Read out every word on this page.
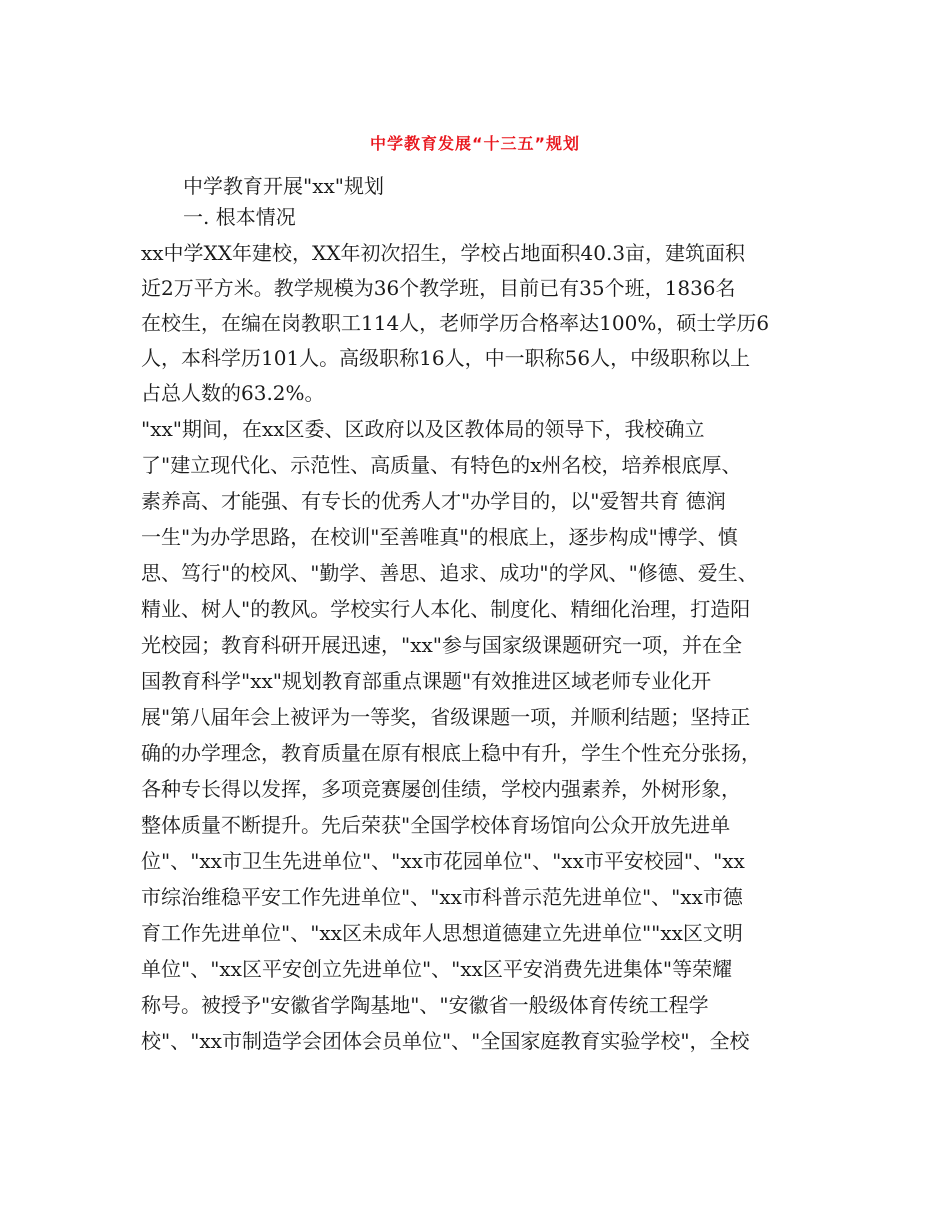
中学教育发展“十三五”规划
中学教育开展"xx"规划
一. 根本情况
xx中学XX年建校，XX年初次招生，学校占地面积40.3亩，建筑面积
近2万平方米。教学规模为36个教学班，目前已有35个班，1836名
在校生，在编在岗教职工114人，老师学历合格率达100%，硕士学历6
人，本科学历101人。高级职称16人，中一职称56人，中级职称以上
占总人数的63.2%。
"xx"期间，在xx区委、区政府以及区教体局的领导下，我校确立
了"建立现代化、示范性、高质量、有特色的x州名校，培养根底厚、
素养高、才能强、有专长的优秀人才"办学目的，以"爱智共育 德润
一生"为办学思路，在校训"至善唯真"的根底上，逐步构成"博学、慎
思、笃行"的校风、"勤学、善思、追求、成功"的学风、"修德、爱生、
精业、树人"的教风。学校实行人本化、制度化、精细化治理，打造阳
光校园；教育科研开展迅速，"xx"参与国家级课题研究一项，并在全
国教育科学"xx"规划教育部重点课题"有效推进区域老师专业化开
展"第八届年会上被评为一等奖，省级课题一项，并顺利结题；坚持正
确的办学理念，教育质量在原有根底上稳中有升，学生个性充分张扬，
各种专长得以发挥，多项竞赛屡创佳绩，学校内强素养，外树形象，
整体质量不断提升。先后荣获"全国学校体育场馆向公众开放先进单
位"、"xx市卫生先进单位"、"xx市花园单位"、"xx市平安校园"、"xx
市综治维稳平安工作先进单位"、"xx市科普示范先进单位"、"xx市德
育工作先进单位"、"xx区未成年人思想道德建立先进单位""xx区文明
单位"、"xx区平安创立先进单位"、"xx区平安消费先进集体"等荣耀
称号。被授予"安徽省学陶基地"、"安徽省一般级体育传统工程学
校"、"xx市制造学会团体会员单位"、"全国家庭教育实验学校"，全校
